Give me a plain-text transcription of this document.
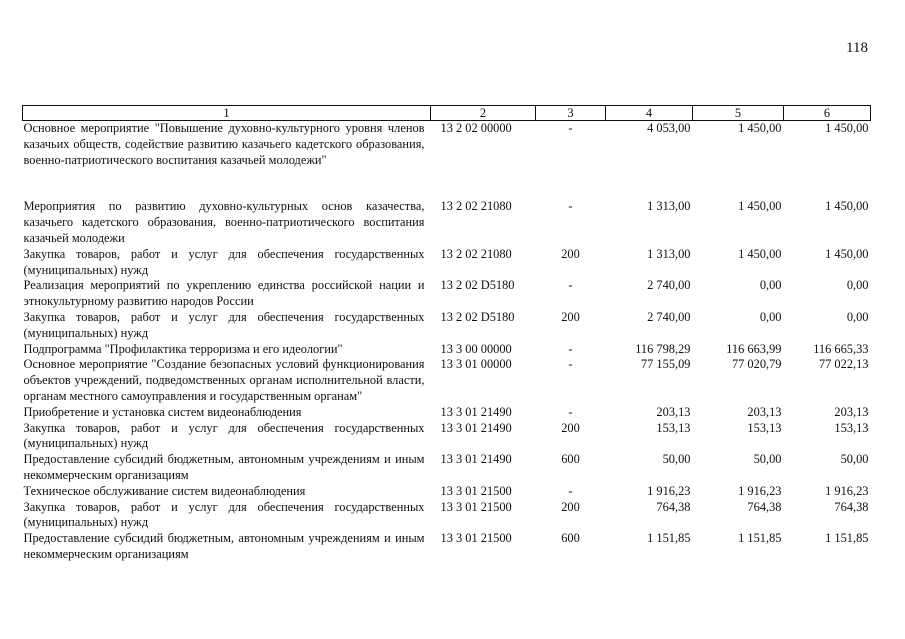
118
1	2	3	4	5	6
Основное мероприятие "Повышение духовно-культурного уровня членов казачьих обществ, содействие развитию казачьего кадетского образования, военно-патриотического воспитания казачьей молодежи"	13 2 02 00000	-	4 053,00	1 450,00	1 450,00
Мероприятия по развитию духовно-культурных основ казачества, казачьего кадетского образования, военно-патриотического воспитания казачьей молодежи	13 2 02 21080	-	1 313,00	1 450,00	1 450,00
Закупка товаров, работ и услуг для обеспечения государственных (муниципальных) нужд	13 2 02 21080	200	1 313,00	1 450,00	1 450,00
Реализация мероприятий по укреплению единства российской нации и этнокультурному развитию народов России	13 2 02 D5180	-	2 740,00	0,00	0,00
Закупка товаров, работ и услуг для обеспечения государственных (муниципальных) нужд	13 2 02 D5180	200	2 740,00	0,00	0,00
Подпрограмма "Профилактика терроризма и его идеологии"	13 3 00 00000	-	116 798,29	116 663,99	116 665,33
Основное мероприятие "Создание безопасных условий функционирования объектов учреждений, подведомственных органам исполнительной власти, органам местного самоуправления и государственным органам"	13 3 01 00000	-	77 155,09	77 020,79	77 022,13
Приобретение и установка систем видеонаблюдения	13 3 01 21490	-	203,13	203,13	203,13
Закупка товаров, работ и услуг для обеспечения государственных (муниципальных) нужд	13 3 01 21490	200	153,13	153,13	153,13
Предоставление субсидий бюджетным, автономным учреждениям и иным некоммерческим организациям	13 3 01 21490	600	50,00	50,00	50,00
Техническое обслуживание систем видеонаблюдения	13 3 01 21500	-	1 916,23	1 916,23	1 916,23
Закупка товаров, работ и услуг для обеспечения государственных (муниципальных) нужд	13 3 01 21500	200	764,38	764,38	764,38
Предоставление субсидий бюджетным, автономным учреждениям и иным некоммерческим организациям	13 3 01 21500	600	1 151,85	1 151,85	1 151,85
